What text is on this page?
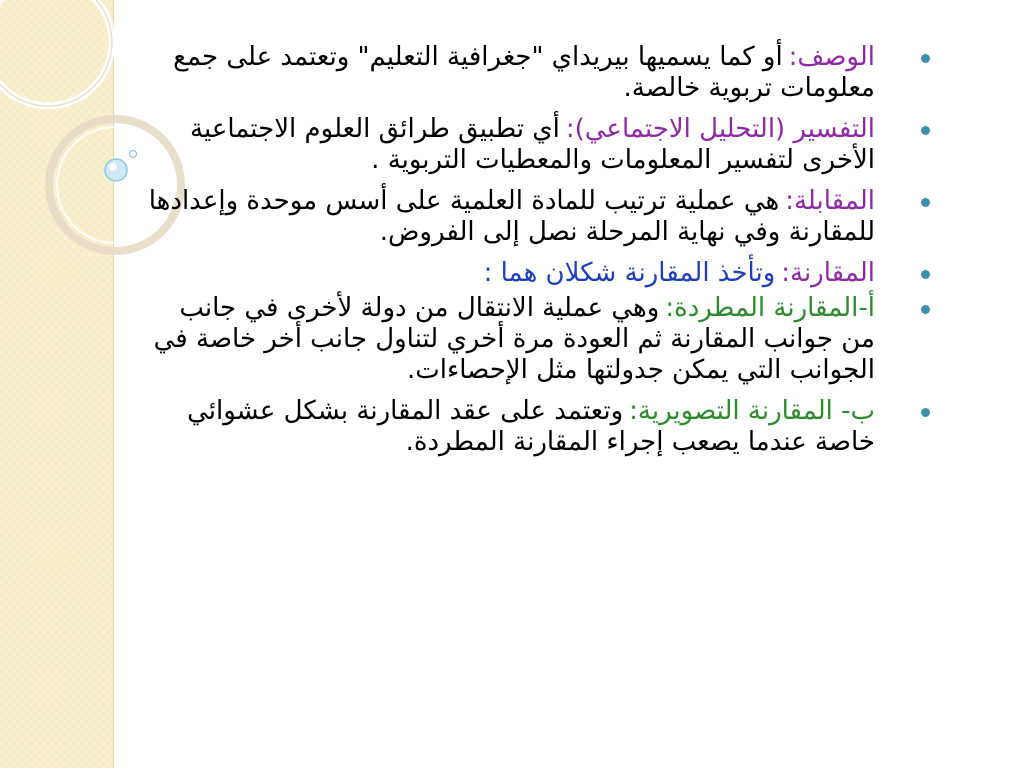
الوصف:أو كما يسميها بيريداي "جغرافية التعليم" وتعتمد على جمع معلومات تربوية خالصة.
التفسير (التحليل الاجتماعي):أي تطبيق طرائق العلوم الاجتماعية الأخرى لتفسير المعلومات والمعطيات التربوية .
المقابلة:هي عملية ترتيب للمادة العلمية على أسس موحدة وإعدادها للمقارنة وفي نهاية المرحلة نصل إلى الفروض.
المقارنة:وتأخذ المقارنة شكلان هما :
أ-المقارنة المطردة:وهي عملية الانتقال من دولة لأخرى في جانب من جوانب المقارنة ثم العودة مرة أخري لتناول جانب أخر خاصة في الجوانب التي يمكن جدولتها مثل الإحصاءات.
ب- المقارنة التصويرية:وتعتمد على عقد المقارنة بشكل عشوائي خاصة عندما يصعب إجراء المقارنة المطردة.
